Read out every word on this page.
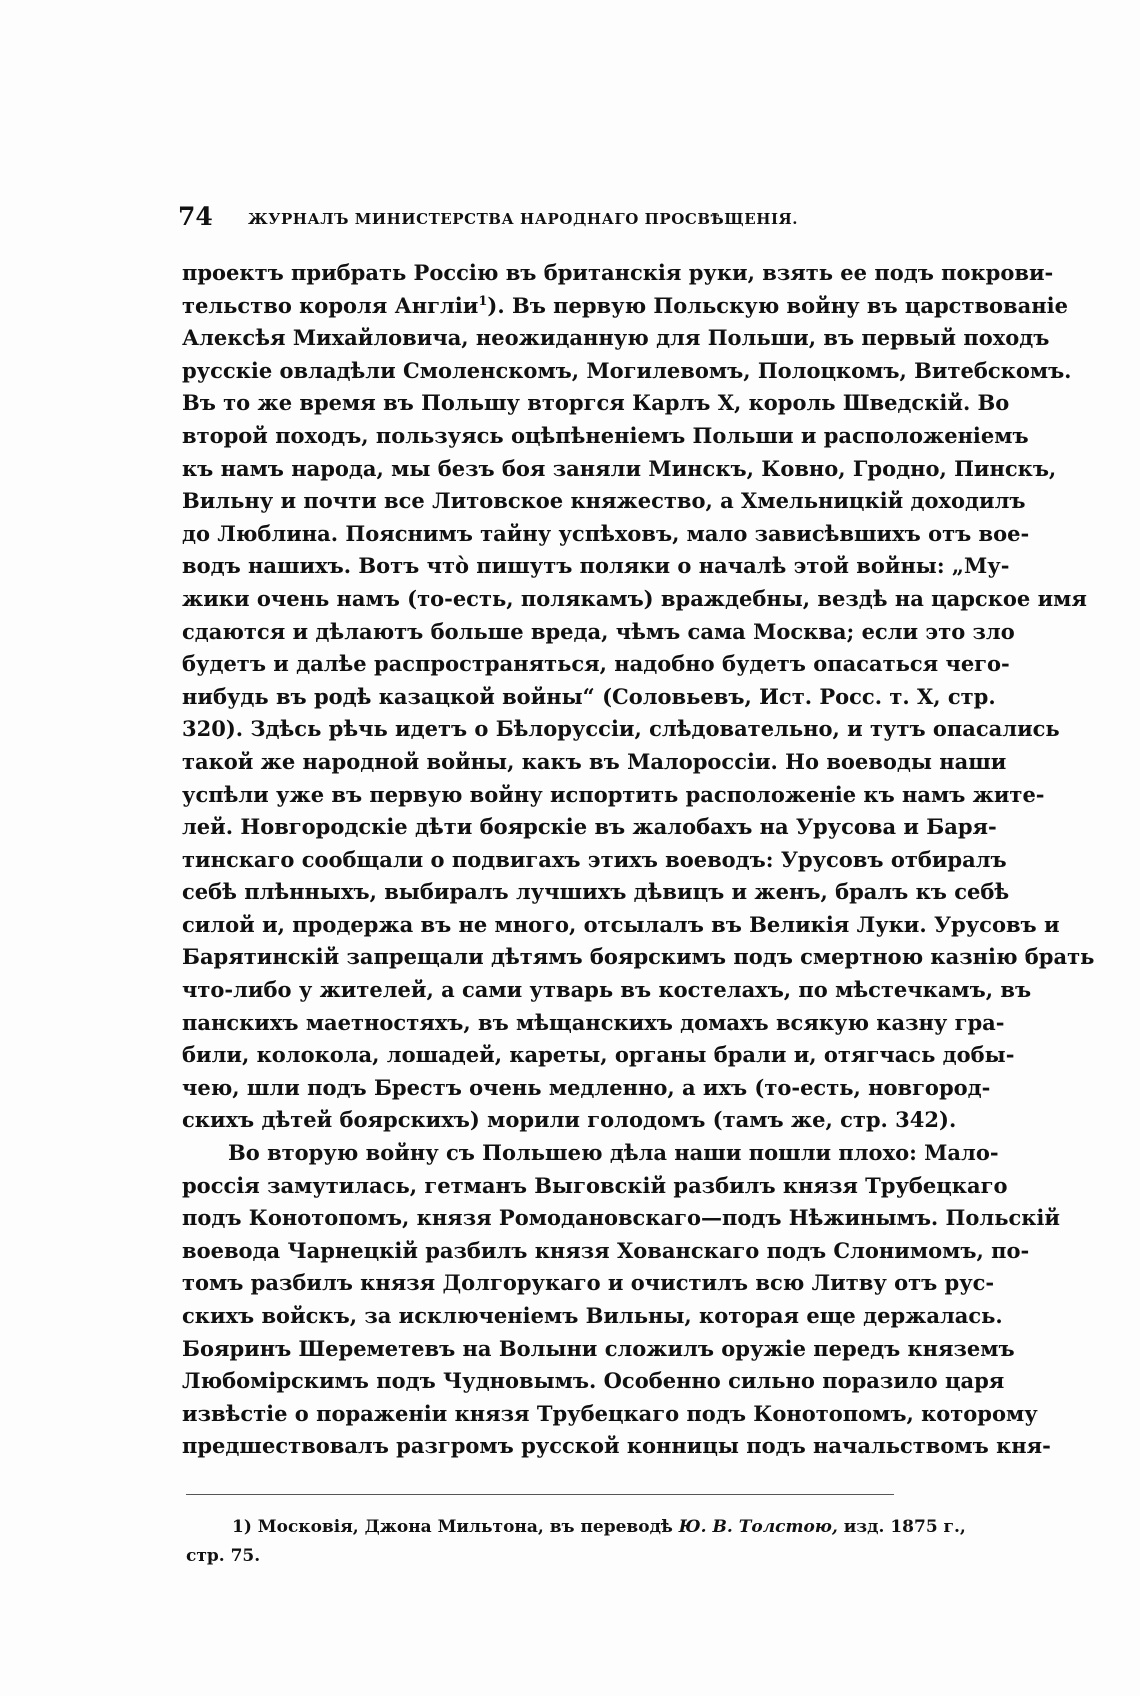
74 ЖУРНАЛЪ МИНИСТЕРСТВА НАРОДНАГО ПРОСВѢЩЕНІЯ.
проектъ прибрать Россію въ британскія руки, взять ее подъ покрови-
тельство короля Англіи$^1$). Въ первую Польскую войну въ царствованіе
Алексѣя Михайловича, неожиданную для Польши, въ первый походъ
русскіе овладѣли Смоленскомъ, Могилевомъ, Полоцкомъ, Витебскомъ.
Въ то же время въ Польшу вторгся Карлъ X, король Шведскій. Во
второй походъ, пользуясь оцѣпѣненіемъ Польши и расположеніемъ
къ намъ народа, мы безъ боя заняли Минскъ, Ковно, Гродно, Пинскъ,
Вильну и почти все Литовское княжество, а Хмельницкій доходилъ
до Люблина. Пояснимъ тайну успѣховъ, мало зависѣвшихъ отъ вое-
водъ нашихъ. Вотъ что̀ пишутъ поляки о началѣ этой войны: „Му-
жики очень намъ (то-есть, полякамъ) враждебны, вездѣ на царское имя
сдаются и дѣлаютъ больше вреда, чѣмъ сама Москва; если это зло
будетъ и далѣе распространяться, надобно будетъ опасаться чего-
нибудь въ родѣ казацкой войны“ (Соловьевъ, Ист. Росс. т. X, стр.
320). Здѣсь рѣчь идетъ о Бѣлоруссіи, слѣдовательно, и тутъ опасались
такой же народной войны, какъ въ Малороссіи. Но воеводы наши
успѣли уже въ первую войну испортить расположеніе къ намъ жите-
лей. Новгородскіе дѣти боярскіе въ жалобахъ на Урусова и Баря-
тинскаго сообщали о подвигахъ этихъ воеводъ: Урусовъ отбиралъ
себѣ плѣнныхъ, выбиралъ лучшихъ дѣвицъ и женъ, бралъ къ себѣ
силой и, продержа въ не много, отсылалъ въ Великія Луки. Урусовъ и
Барятинскій запрещали дѣтямъ боярскимъ подъ смертною казнію брать
что-либо у жителей, а сами утварь въ костелахъ, по мѣстечкамъ, въ
панскихъ маетностяхъ, въ мѣщанскихъ домахъ всякую казну гра-
били, колокола, лошадей, кареты, органы брали и, отягчась добы-
чею, шли подъ Брестъ очень медленно, а ихъ (то-есть, новгород-
скихъ дѣтей боярскихъ) морили голодомъ (тамъ же, стр. 342).
Во вторую войну съ Польшею дѣла наши пошли плохо: Мало-
россія замутилась, гетманъ Выговскій разбилъ князя Трубецкаго
подъ Конотопомъ, князя Ромодановскаго—подъ Нѣжинымъ. Польскій
воевода Чарнецкій разбилъ князя Хованскаго подъ Слонимомъ, по-
томъ разбилъ князя Долгорукаго и очистилъ всю Литву отъ рус-
скихъ войскъ, за исключеніемъ Вильны, которая еще держалась.
Бояринъ Шереметевъ на Волыни сложилъ оружіе передъ княземъ
Любомірскимъ подъ Чудновымъ. Особенно сильно поразило царя
извѣстіе о пораженіи князя Трубецкаго подъ Конотопомъ, которому
предшествовалъ разгромъ русской конницы подъ начальствомъ кня-
1) Московія, Джона Мильтона, въ переводѣ Ю. В. Толстою, изд. 1875 г.,
стр. 75.
